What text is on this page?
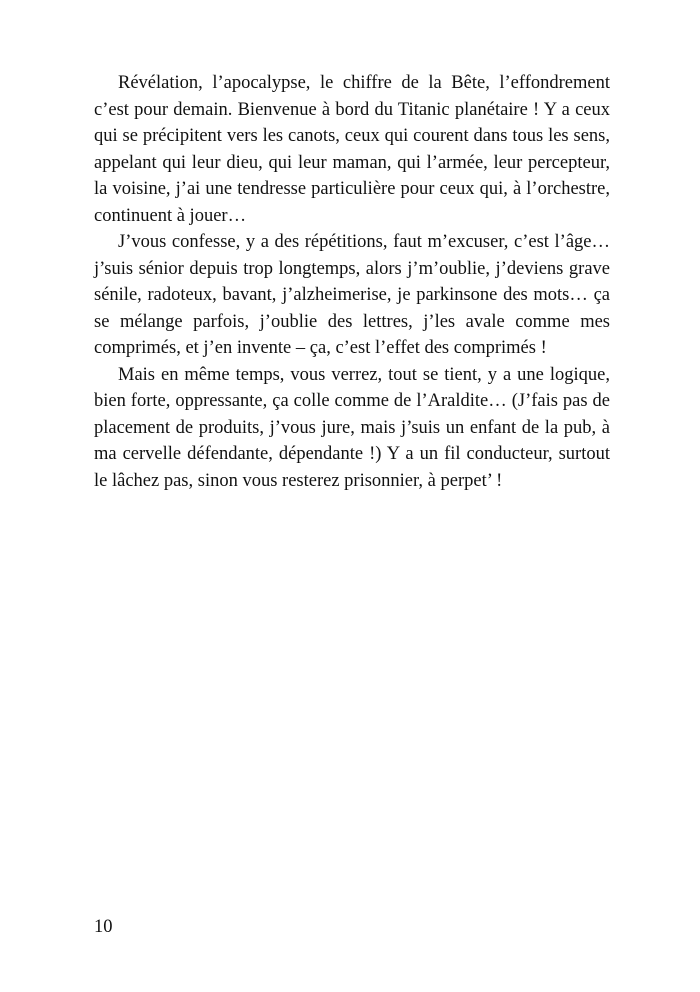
Révélation, l’apocalypse, le chiffre de la Bête, l’effondrement c’est pour demain. Bienvenue à bord du Titanic planétaire ! Y a ceux qui se précipitent vers les canots, ceux qui courent dans tous les sens, appelant qui leur dieu, qui leur maman, qui l’armée, leur percepteur, la voisine, j’ai une tendresse particulière pour ceux qui, à l’orchestre, continuent à jouer…

J’vous confesse, y a des répétitions, faut m’excuser, c’est l’âge… j’suis sénior depuis trop longtemps, alors j’m’oublie, j’deviens grave sénile, radoteux, bavant, j’alzheimerise, je parkinsone des mots… ça se mélange parfois, j’oublie des lettres, j’les avale comme mes comprimés, et j’en invente – ça, c’est l’effet des comprimés !

Mais en même temps, vous verrez, tout se tient, y a une logique, bien forte, oppressante, ça colle comme de l’Araldite… (J’fais pas de placement de produits, j’vous jure, mais j’suis un enfant de la pub, à ma cervelle défendante, dépendante !) Y a un fil conducteur, surtout le lâchez pas, sinon vous resterez prisonnier, à perpet’ !

10
